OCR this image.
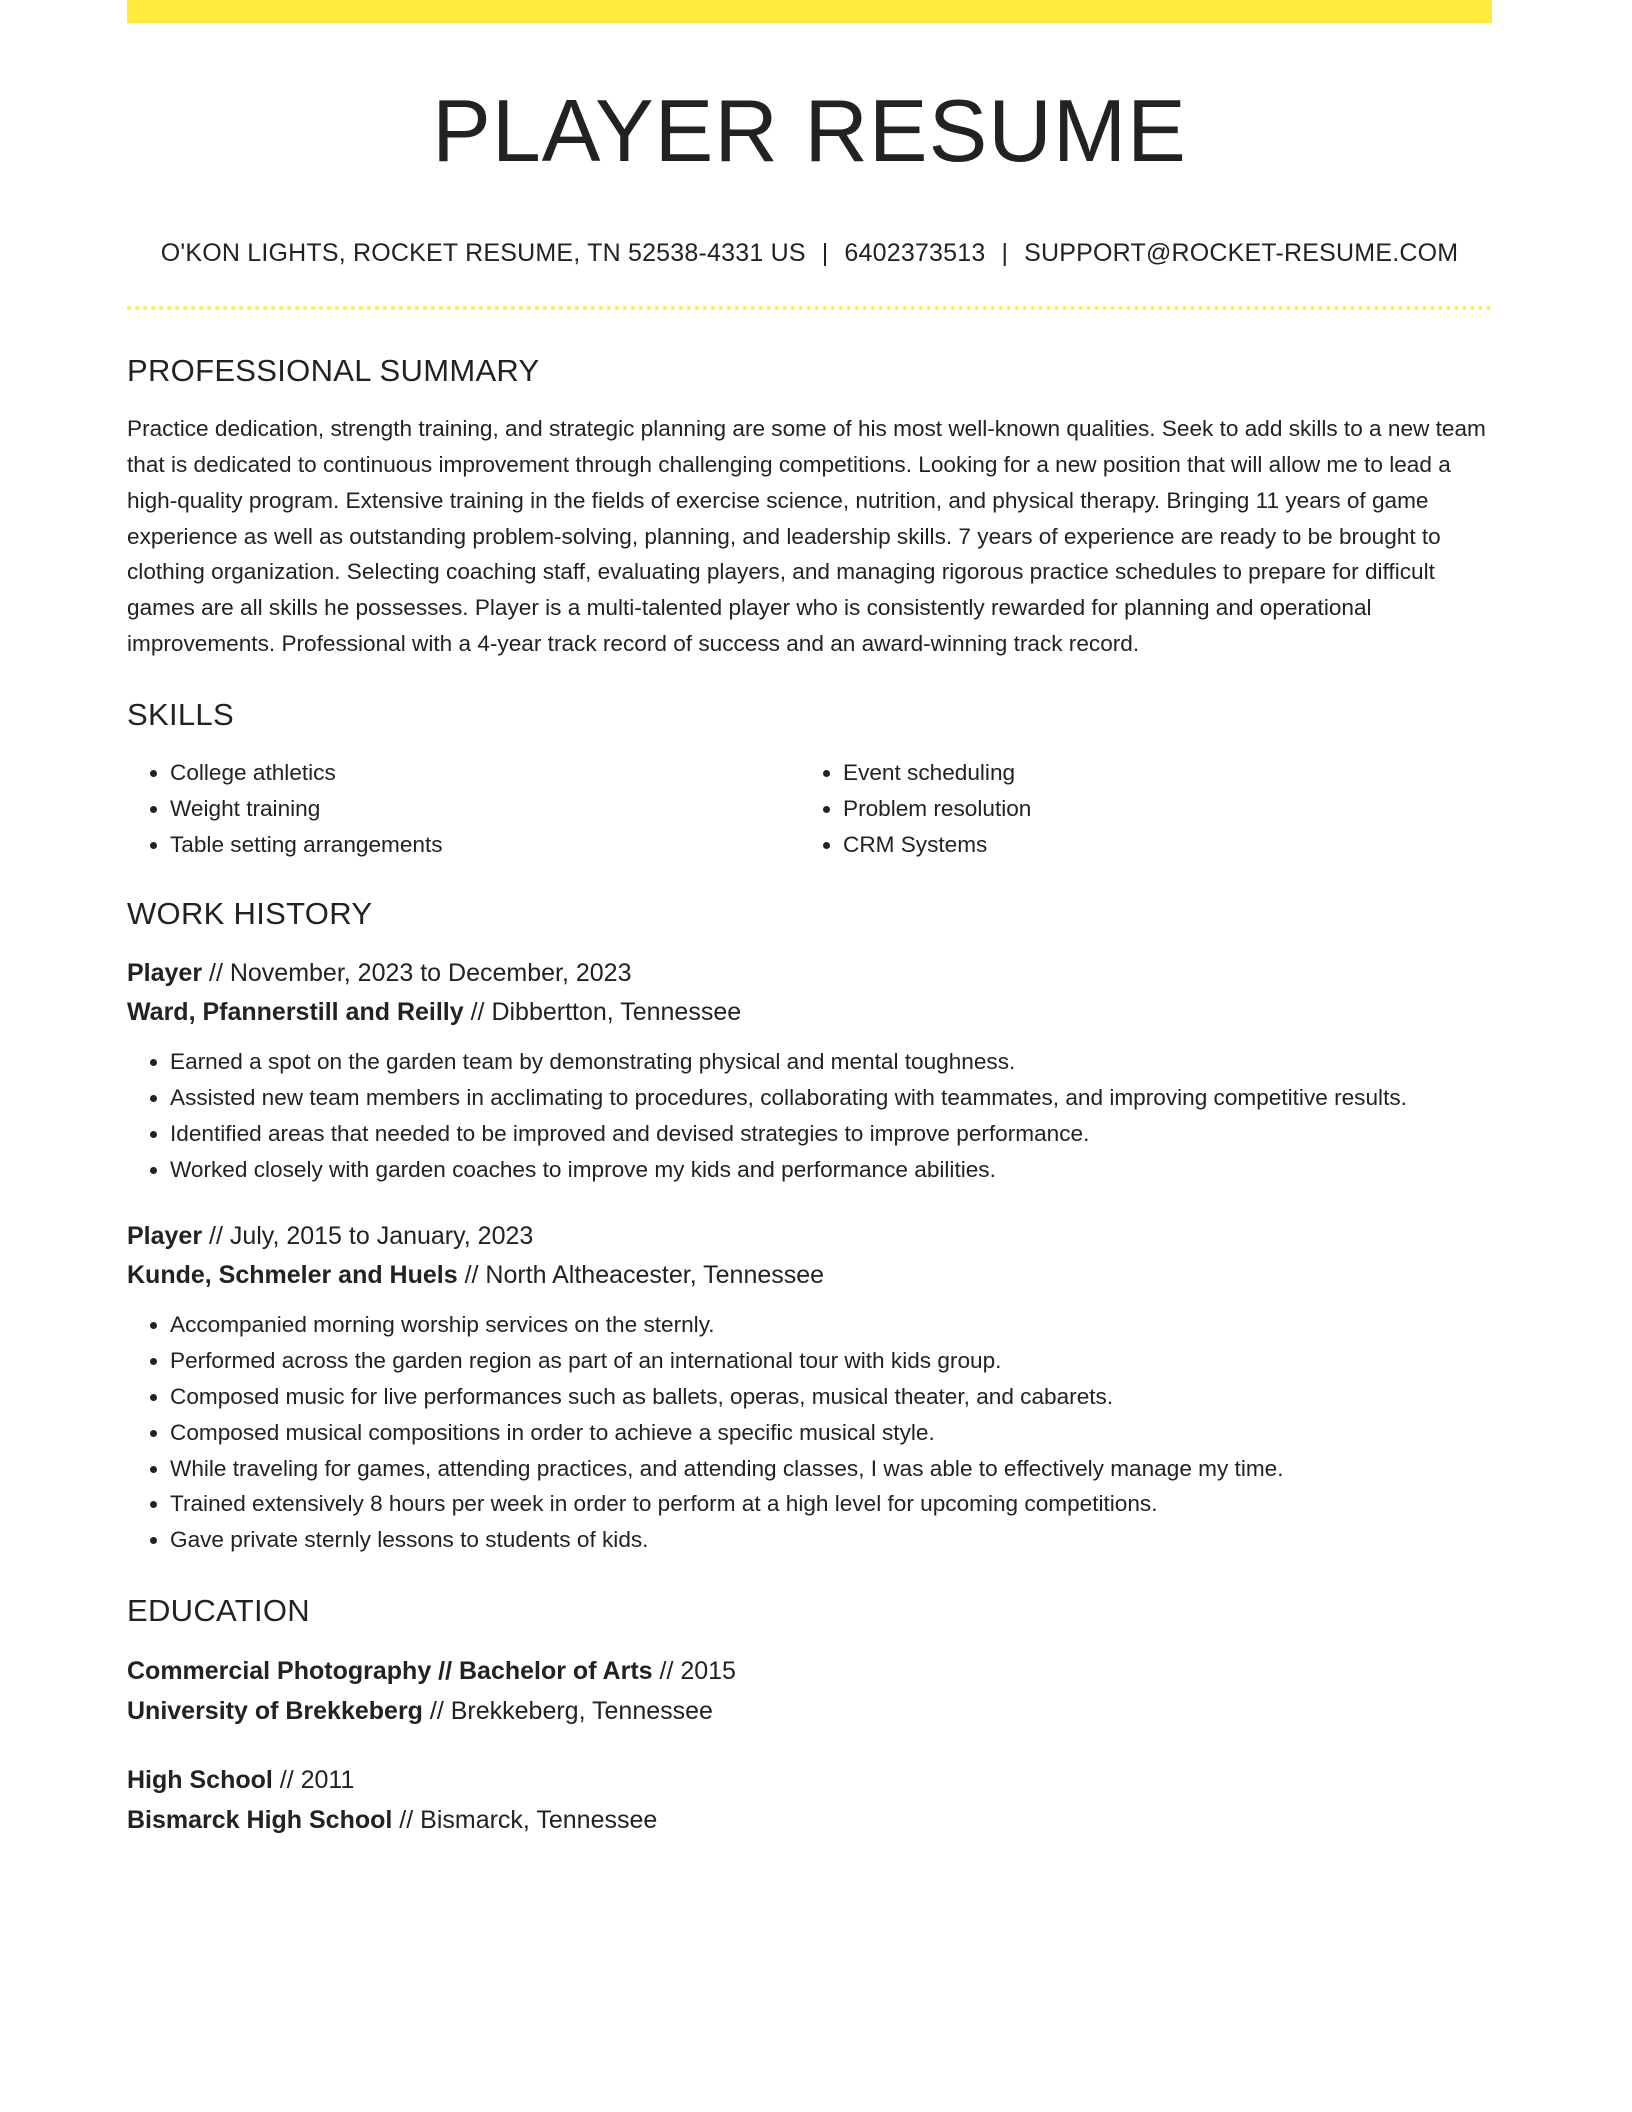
PLAYER RESUME
O'KON LIGHTS, ROCKET RESUME, TN 52538-4331 US | 6402373513 | SUPPORT@ROCKET-RESUME.COM
PROFESSIONAL SUMMARY

Practice dedication, strength training, and strategic planning are some of his most well-known qualities. Seek to add skills to a new team that is dedicated to continuous improvement through challenging competitions. Looking for a new position that will allow me to lead a high-quality program. Extensive training in the fields of exercise science, nutrition, and physical therapy. Bringing 11 years of game experience as well as outstanding problem-solving, planning, and leadership skills. 7 years of experience are ready to be brought to clothing organization. Selecting coaching staff, evaluating players, and managing rigorous practice schedules to prepare for difficult games are all skills he possesses. Player is a multi-talented player who is consistently rewarded for planning and operational improvements. Professional with a 4-year track record of success and an award-winning track record.

SKILLS
• College athletics
• Weight training
• Table setting arrangements
• Event scheduling
• Problem resolution
• CRM Systems
WORK HISTORY
Player // November, 2023 to December, 2023
Ward, Pfannerstill and Reilly // Dibbertton, Tennessee
• Earned a spot on the garden team by demonstrating physical and mental toughness.
• Assisted new team members in acclimating to procedures, collaborating with teammates, and improving competitive results.
• Identified areas that needed to be improved and devised strategies to improve performance.
• Worked closely with garden coaches to improve my kids and performance abilities.
Player // July, 2015 to January, 2023
Kunde, Schmeler and Huels // North Altheacester, Tennessee
• Accompanied morning worship services on the sternly.
• Performed across the garden region as part of an international tour with kids group.
• Composed music for live performances such as ballets, operas, musical theater, and cabarets.
• Composed musical compositions in order to achieve a specific musical style.
• While traveling for games, attending practices, and attending classes, I was able to effectively manage my time.
• Trained extensively 8 hours per week in order to perform at a high level for upcoming competitions.
• Gave private sternly lessons to students of kids.
EDUCATION
Commercial Photography // Bachelor of Arts // 2015
University of Brekkeberg // Brekkeberg, Tennessee
High School // 2011
Bismarck High School // Bismarck, Tennessee
